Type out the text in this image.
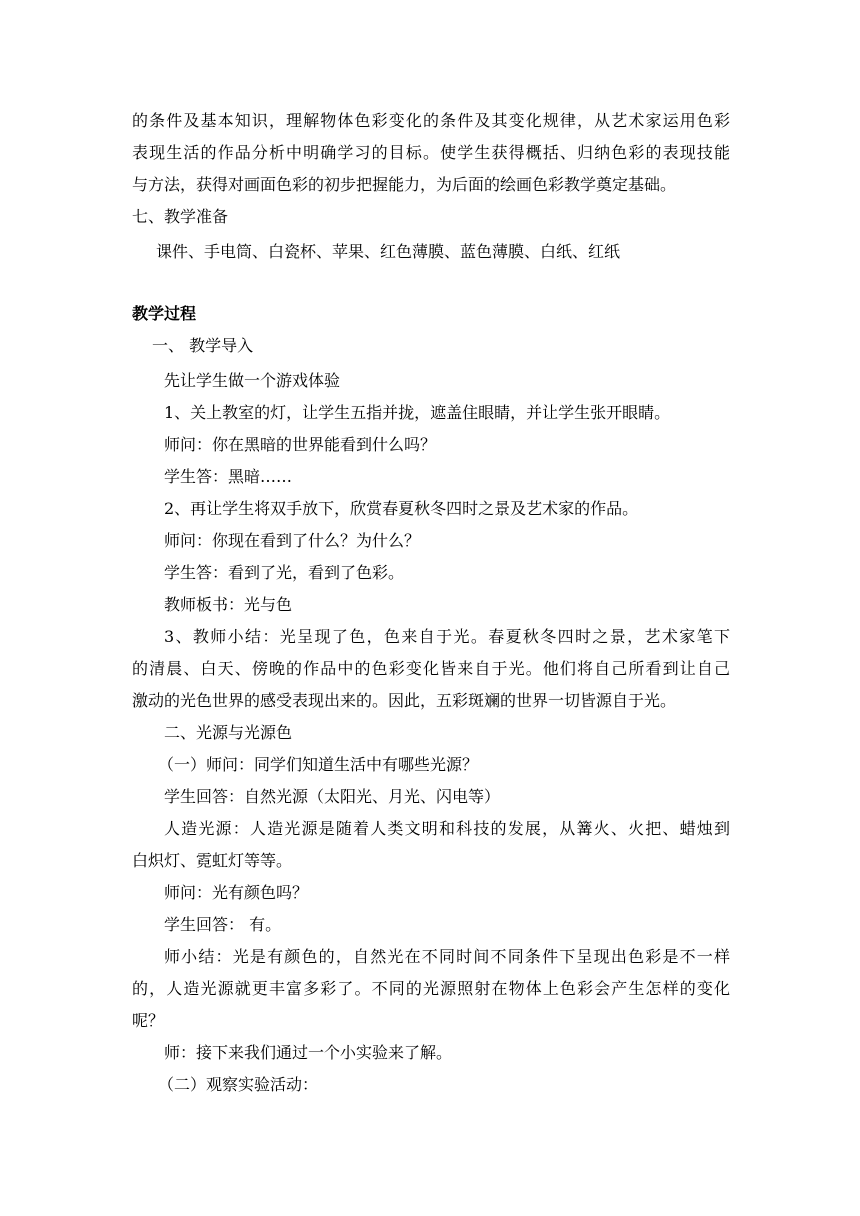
的条件及基本知识，理解物体色彩变化的条件及其变化规律，从艺术家运用色彩
表现生活的作品分析中明确学习的目标。使学生获得概括、归纳色彩的表现技能
与方法，获得对画面色彩的初步把握能力，为后面的绘画色彩教学奠定基础。
七、教学准备
课件、手电筒、白瓷杯、苹果、红色薄膜、蓝色薄膜、白纸、红纸
教学过程
一、 教学导入
先让学生做一个游戏体验
1、关上教室的灯，让学生五指并拢，遮盖住眼睛，并让学生张开眼睛。
师问：你在黑暗的世界能看到什么吗？
学生答：黑暗……
2、再让学生将双手放下，欣赏春夏秋冬四时之景及艺术家的作品。
师问：你现在看到了什么？为什么？
学生答：看到了光，看到了色彩。
教师板书：光与色
3、教师小结：光呈现了色，色来自于光。春夏秋冬四时之景，艺术家笔下
的清晨、白天、傍晚的作品中的色彩变化皆来自于光。他们将自己所看到让自己
激动的光色世界的感受表现出来的。因此，五彩斑斓的世界一切皆源自于光。
二、光源与光源色
（一）师问：同学们知道生活中有哪些光源？
学生回答：自然光源（太阳光、月光、闪电等）
人造光源：人造光源是随着人类文明和科技的发展，从篝火、火把、蜡烛到
白炽灯、霓虹灯等等。
师问：光有颜色吗？
学生回答： 有。
师小结：光是有颜色的，自然光在不同时间不同条件下呈现出色彩是不一样
的，人造光源就更丰富多彩了。不同的光源照射在物体上色彩会产生怎样的变化
呢？
师：接下来我们通过一个小实验来了解。
（二）观察实验活动：
